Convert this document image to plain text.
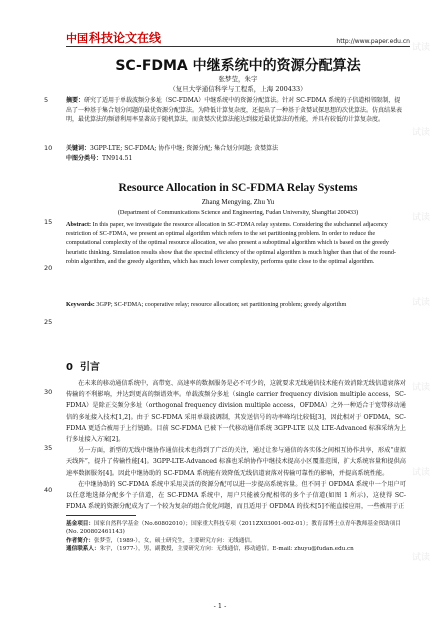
试读
试读
试读
试读
试读
试读
试读
中国 科技论文在线	http://www.paper.edu.cn
5
10
15
20
25
30
35
40
SC-FDMA 中继系统中的资源分配算法
张梦莹，朱宇
（复旦大学通信科学与工程系，上海 200433）
摘要：研究了适用于单载波频分多址（SC-FDMA）中继系统中的资源分配算法。针对 SC-FDMA 系统的子信道相邻限制，提出了一种基于集合划分问题的最优资源分配算法。为降低计算复杂度，还提出了一种基于贪婪试探思想的次优算法。仿真结果表明，最优算法的频谱利用率显著高于随机算法，而贪婪次优算法能达到接近最优算法的性能，并具有较低的计算复杂度。
关键词：3GPP-LTE; SC-FDMA; 协作中继; 资源分配; 集合划分问题; 贪婪算法
中图分类号：TN914.51
Resource Allocation in SC-FDMA Relay Systems
Zhang Mengying, Zhu Yu
(Department of Communications Science and Engineering, Fudan University, ShangHai 200433)
Abstract: In this paper, we investigate the resource allocation in SC-FDMA relay systems. Considering the subchannel adjacency restriction of SC-FDMA, we present an optimal algorithm which refers to the set partitioning problem. In order to reduce the computational complexity of the optimal resource allocation, we also present a suboptimal algorithm which is based on the greedy heuristic thinking. Simulation results show that the spectral efficiency of the optimal algorithm is much higher than that of the round-robin algorithm, and the greedy algorithm, which has much lower complexity, performs quite close to the optimal algorithm.
Keywords: 3GPP; SC-FDMA; cooperative relay; resource allocation; set partitioning problem; greedy algorithm
0 引言

在未来的移动通信系统中，高带宽、高速率的数据服务是必不可少的，这就要求无线通信技术能有效消除无线信道衰落对传输的不利影响，并达到更高的频谱效率。单载波频分多址（single carrier frequency division multiple access，SC-FDMA）是除正交频分多址（orthogonal frequency division multiple access，OFDMA）之外一种适合于宽带移动通信的多址接入技术[1,2]。由于 SC-FDMA 采用单载波调制，其发送信号的功率峰均比较低[3]，因此相对于 OFDMA，SC-FDMA 更适合被用于上行链路。目前 SC-FDMA 已被下一代移动通信系统 3GPP-LTE 以及 LTE-Advanced 标准采纳为上行多址接入方案[2]。

另一方面，新型的无线中继协作通信技术也得到了广泛的关注，通过让参与通信的各实体之间相互协作共享，形成“虚拟天线阵”，提升了传输性能[4]。3GPP-LTE-Advanced 标准也采纳协作中继技术提高小区覆盖范围，扩大系统容量和提供高速率数据服务[4]。因此中继协助的 SC-FDMA 系统能有效降低无线信道衰落对传输可靠性的影响，并提高系统性能。

在中继协助的 SC-FDMA 系统中采用灵活的资源分配可以进一步提高系统容量。但不同于 OFDMA 系统中一个用户可以任意地选择分配多个子信道，在 SC-FDMA 系统中，用户只能被分配相邻的多个子信道(如图 1 所示)，这使得 SC-FDMA 系统的资源分配成为了一个较为复杂的组合优化问题，而且适用于 OFDMA 的技术[5]不能直接应用，一些被用于正

基金项目：国家自然科学基金（No.60802010）；国家重大科技专项（2011ZX03001-002-01）；教育部博士点青年教师基金资助项目(No. 200802461143)
作者简介：张梦莹，（1989-），女，硕士研究生，主要研究方向：无线通信。
通信联系人：朱宇，（1977-），男，副教授，主要研究方向：无线通信，移动通信。E-mail: zhuyu@fudan.edu.cn
- 1 -
